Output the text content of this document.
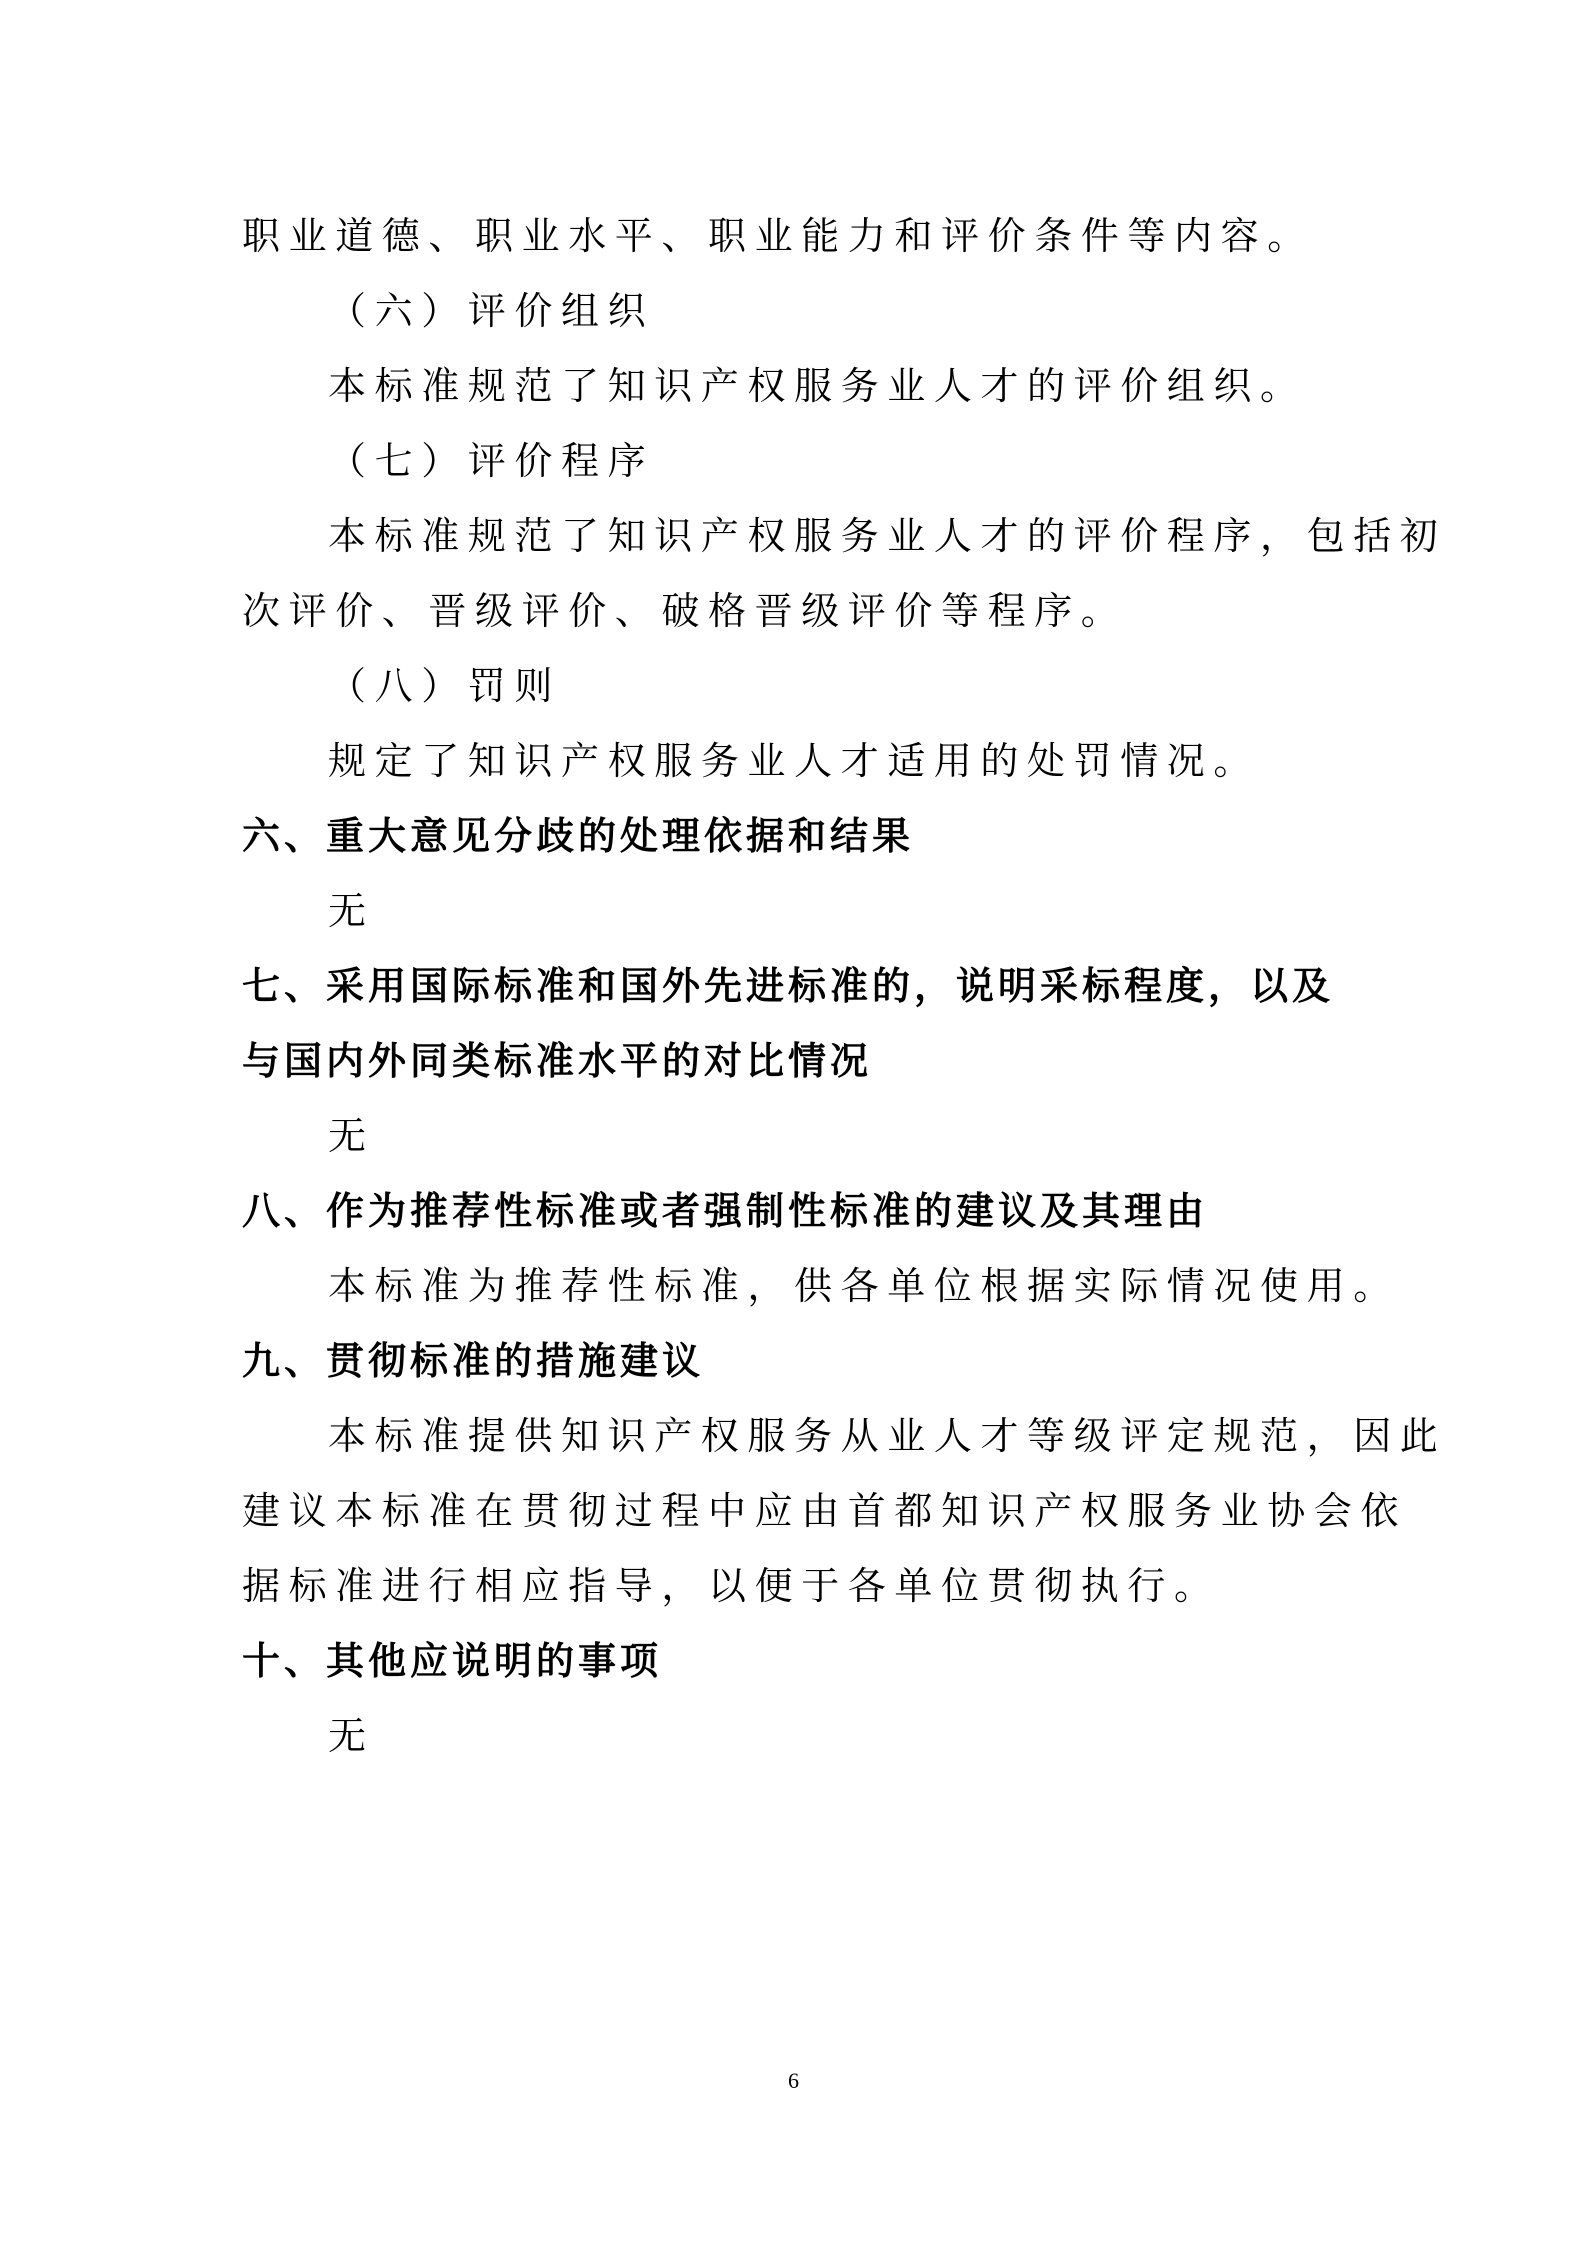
职业道德、职业水平、职业能力和评价条件等内容。
（六）评价组织
本标准规范了知识产权服务业人才的评价组织。
（七）评价程序
本标准规范了知识产权服务业人才的评价程序，包括初
次评价、晋级评价、破格晋级评价等程序。
（八）罚则
规定了知识产权服务业人才适用的处罚情况。
六、重大意见分歧的处理依据和结果
无
七、采用国际标准和国外先进标准的，说明采标程度，以及
与国内外同类标准水平的对比情况
无
八、作为推荐性标准或者强制性标准的建议及其理由
本标准为推荐性标准，供各单位根据实际情况使用。
九、贯彻标准的措施建议
本标准提供知识产权服务从业人才等级评定规范，因此
建议本标准在贯彻过程中应由首都知识产权服务业协会依
据标准进行相应指导，以便于各单位贯彻执行。
十、其他应说明的事项
无
6
